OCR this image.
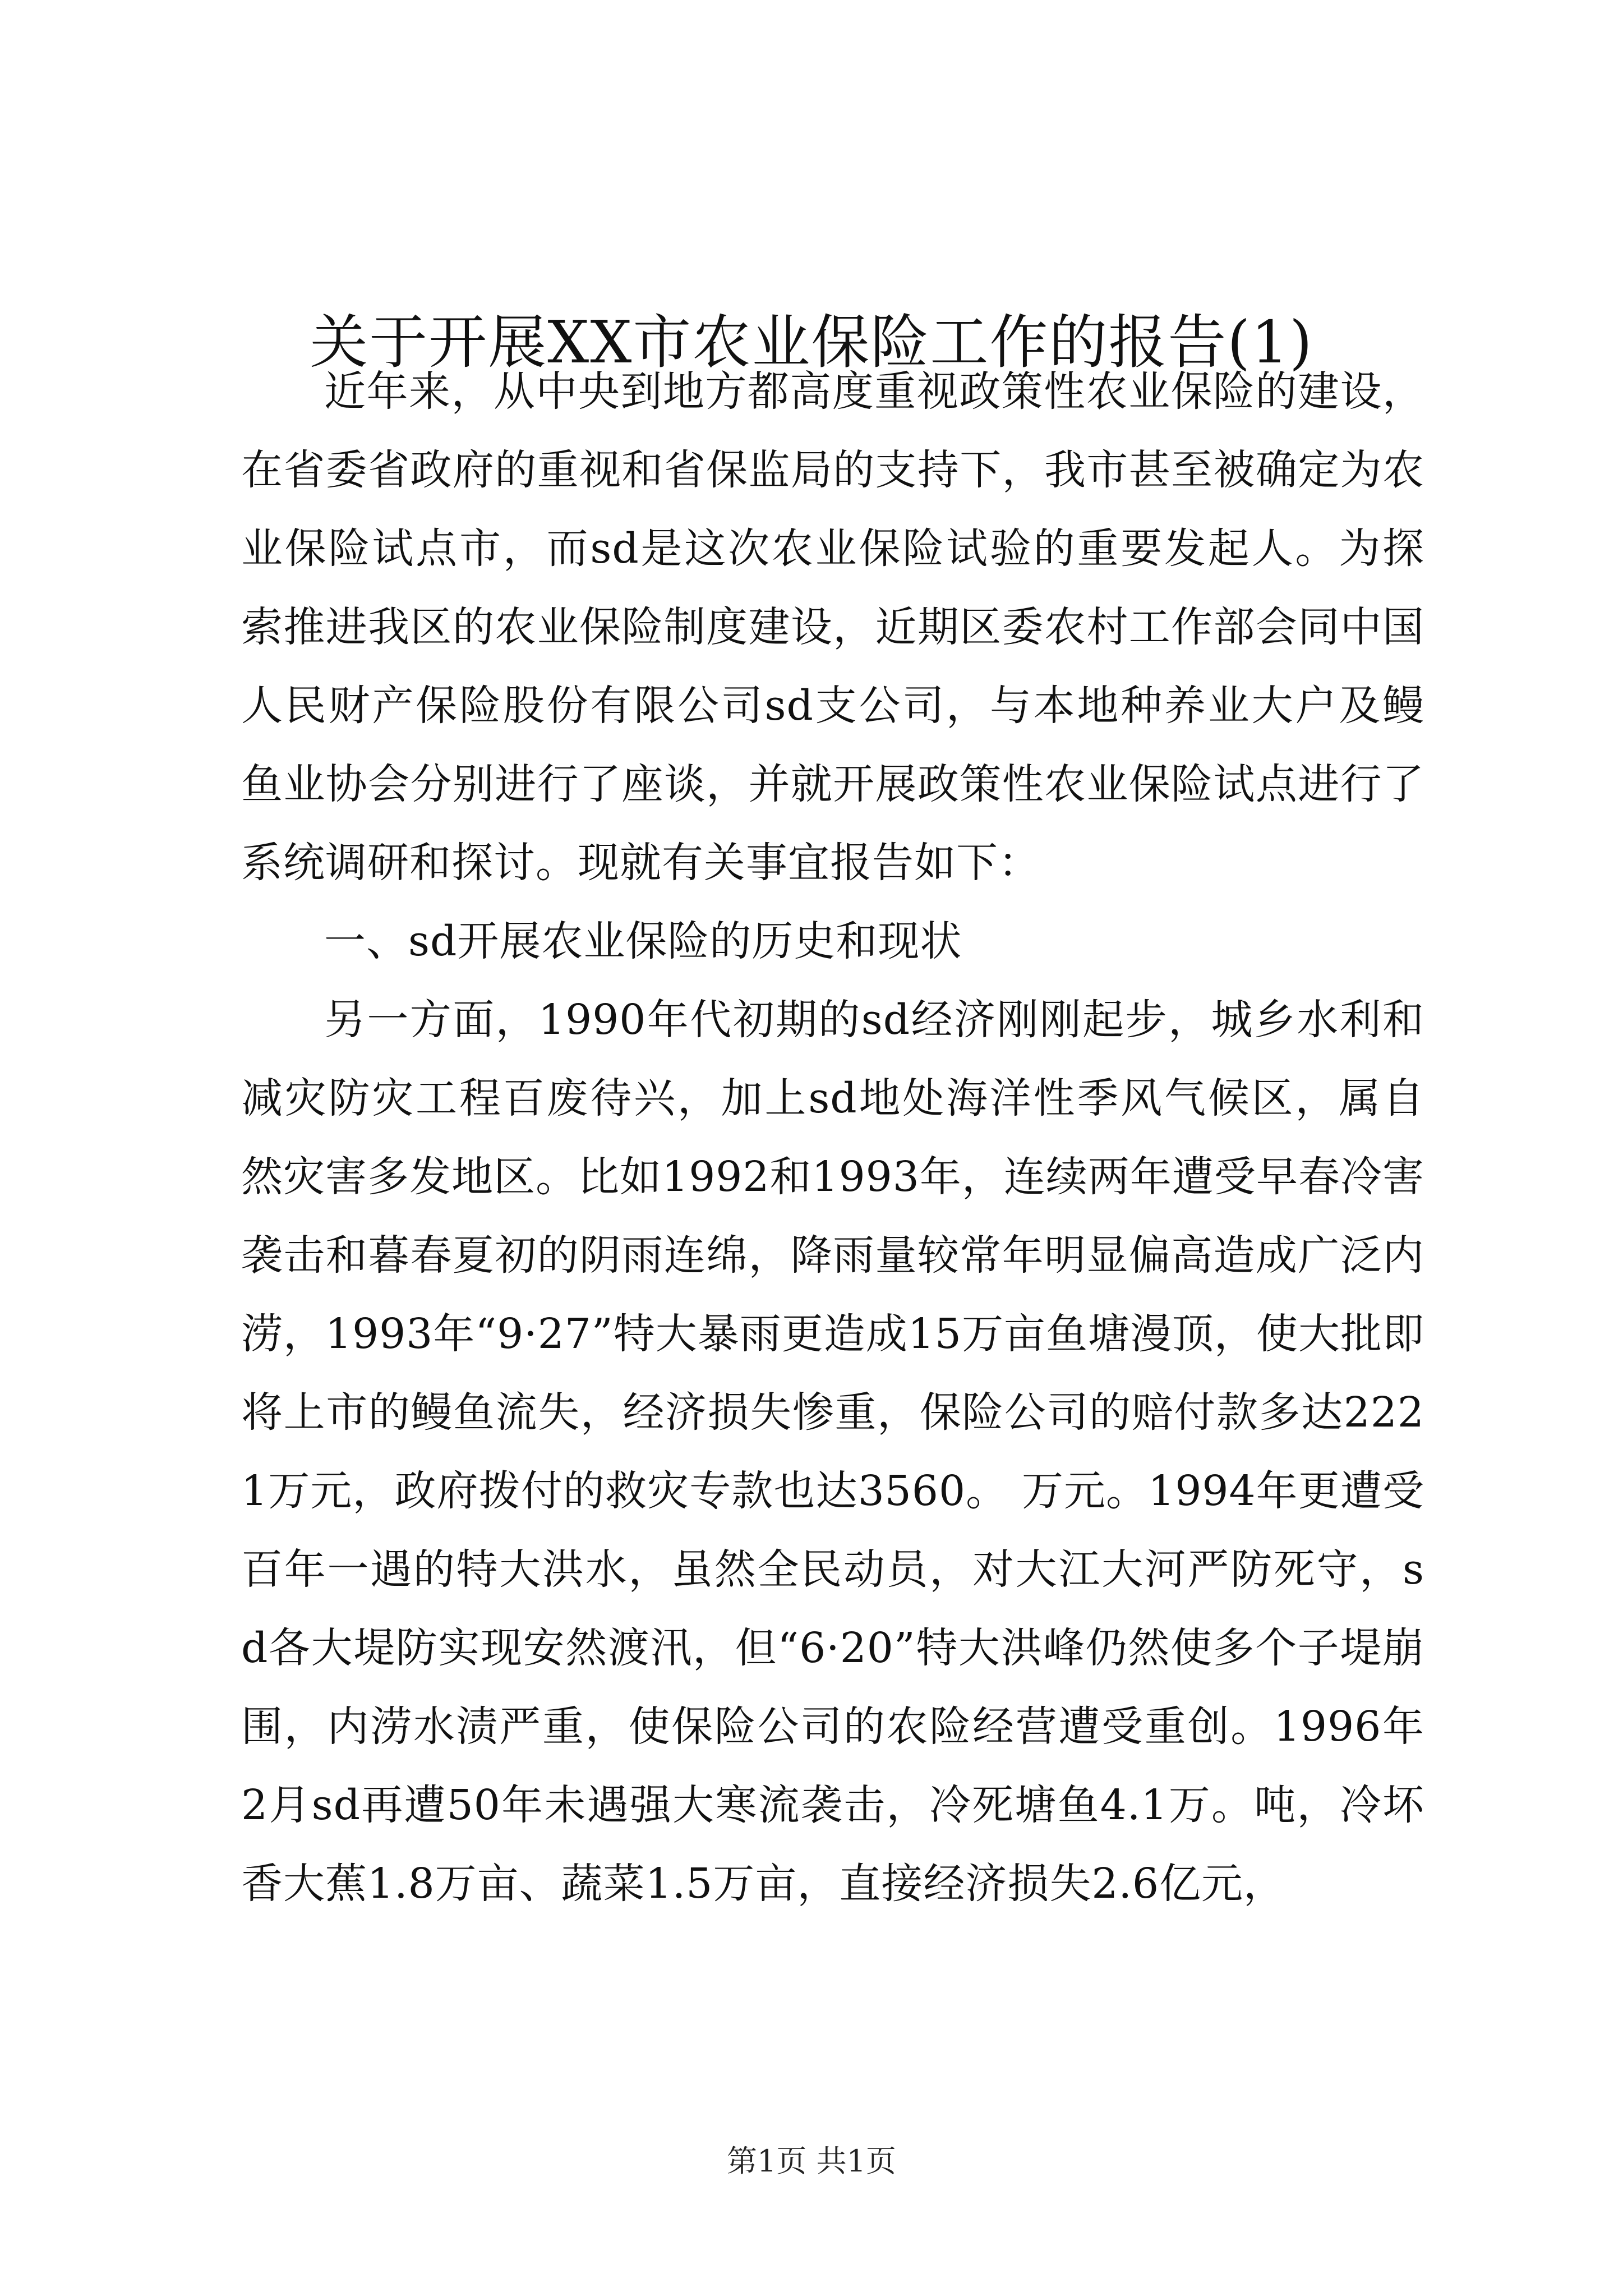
关于开展XX市农业保险工作的报告(1)

近年来，从中央到地方都高度重视政策性农业保险的建设，在省委省政府的重视和省保监局的支持下，我市甚至被确定为农业保险试点市，而sd是这次农业保险试验的重要发起人。为探索推进我区的农业保险制度建设，近期区委农村工作部会同中国人民财产保险股份有限公司sd支公司，与本地种养业大户及鳗鱼业协会分别进行了座谈，并就开展政策性农业保险试点进行了系统调研和探讨。现就有关事宜报告如下：

一、sd开展农业保险的历史和现状

另一方面，1990年代初期的sd经济刚刚起步，城乡水利和减灾防灾工程百废待兴，加上sd地处海洋性季风气候区，属自然灾害多发地区。比如1992和1993年，连续两年遭受早春冷害袭击和暮春夏初的阴雨连绵，降雨量较常年明显偏高造成广泛内涝，1993年“9·27”特大暴雨更造成15万亩鱼塘漫顶，使大批即将上市的鳗鱼流失，经济损失惨重，保险公司的赔付款多达2221万元，政府拨付的救灾专款也达3560。 万元。1994年更遭受百年一遇的特大洪水，虽然全民动员，对大江大河严防死守，sd各大堤防实现安然渡汛，但“6·20”特大洪峰仍然使多个子堤崩围，内涝水渍严重，使保险公司的农险经营遭受重创。1996年2月sd再遭50年未遇强大寒流袭击，冷死塘鱼4.1万。吨，冷坏香大蕉1.8万亩、蔬菜1.5万亩，直接经济损失2.6亿元，

第1页 共1页
